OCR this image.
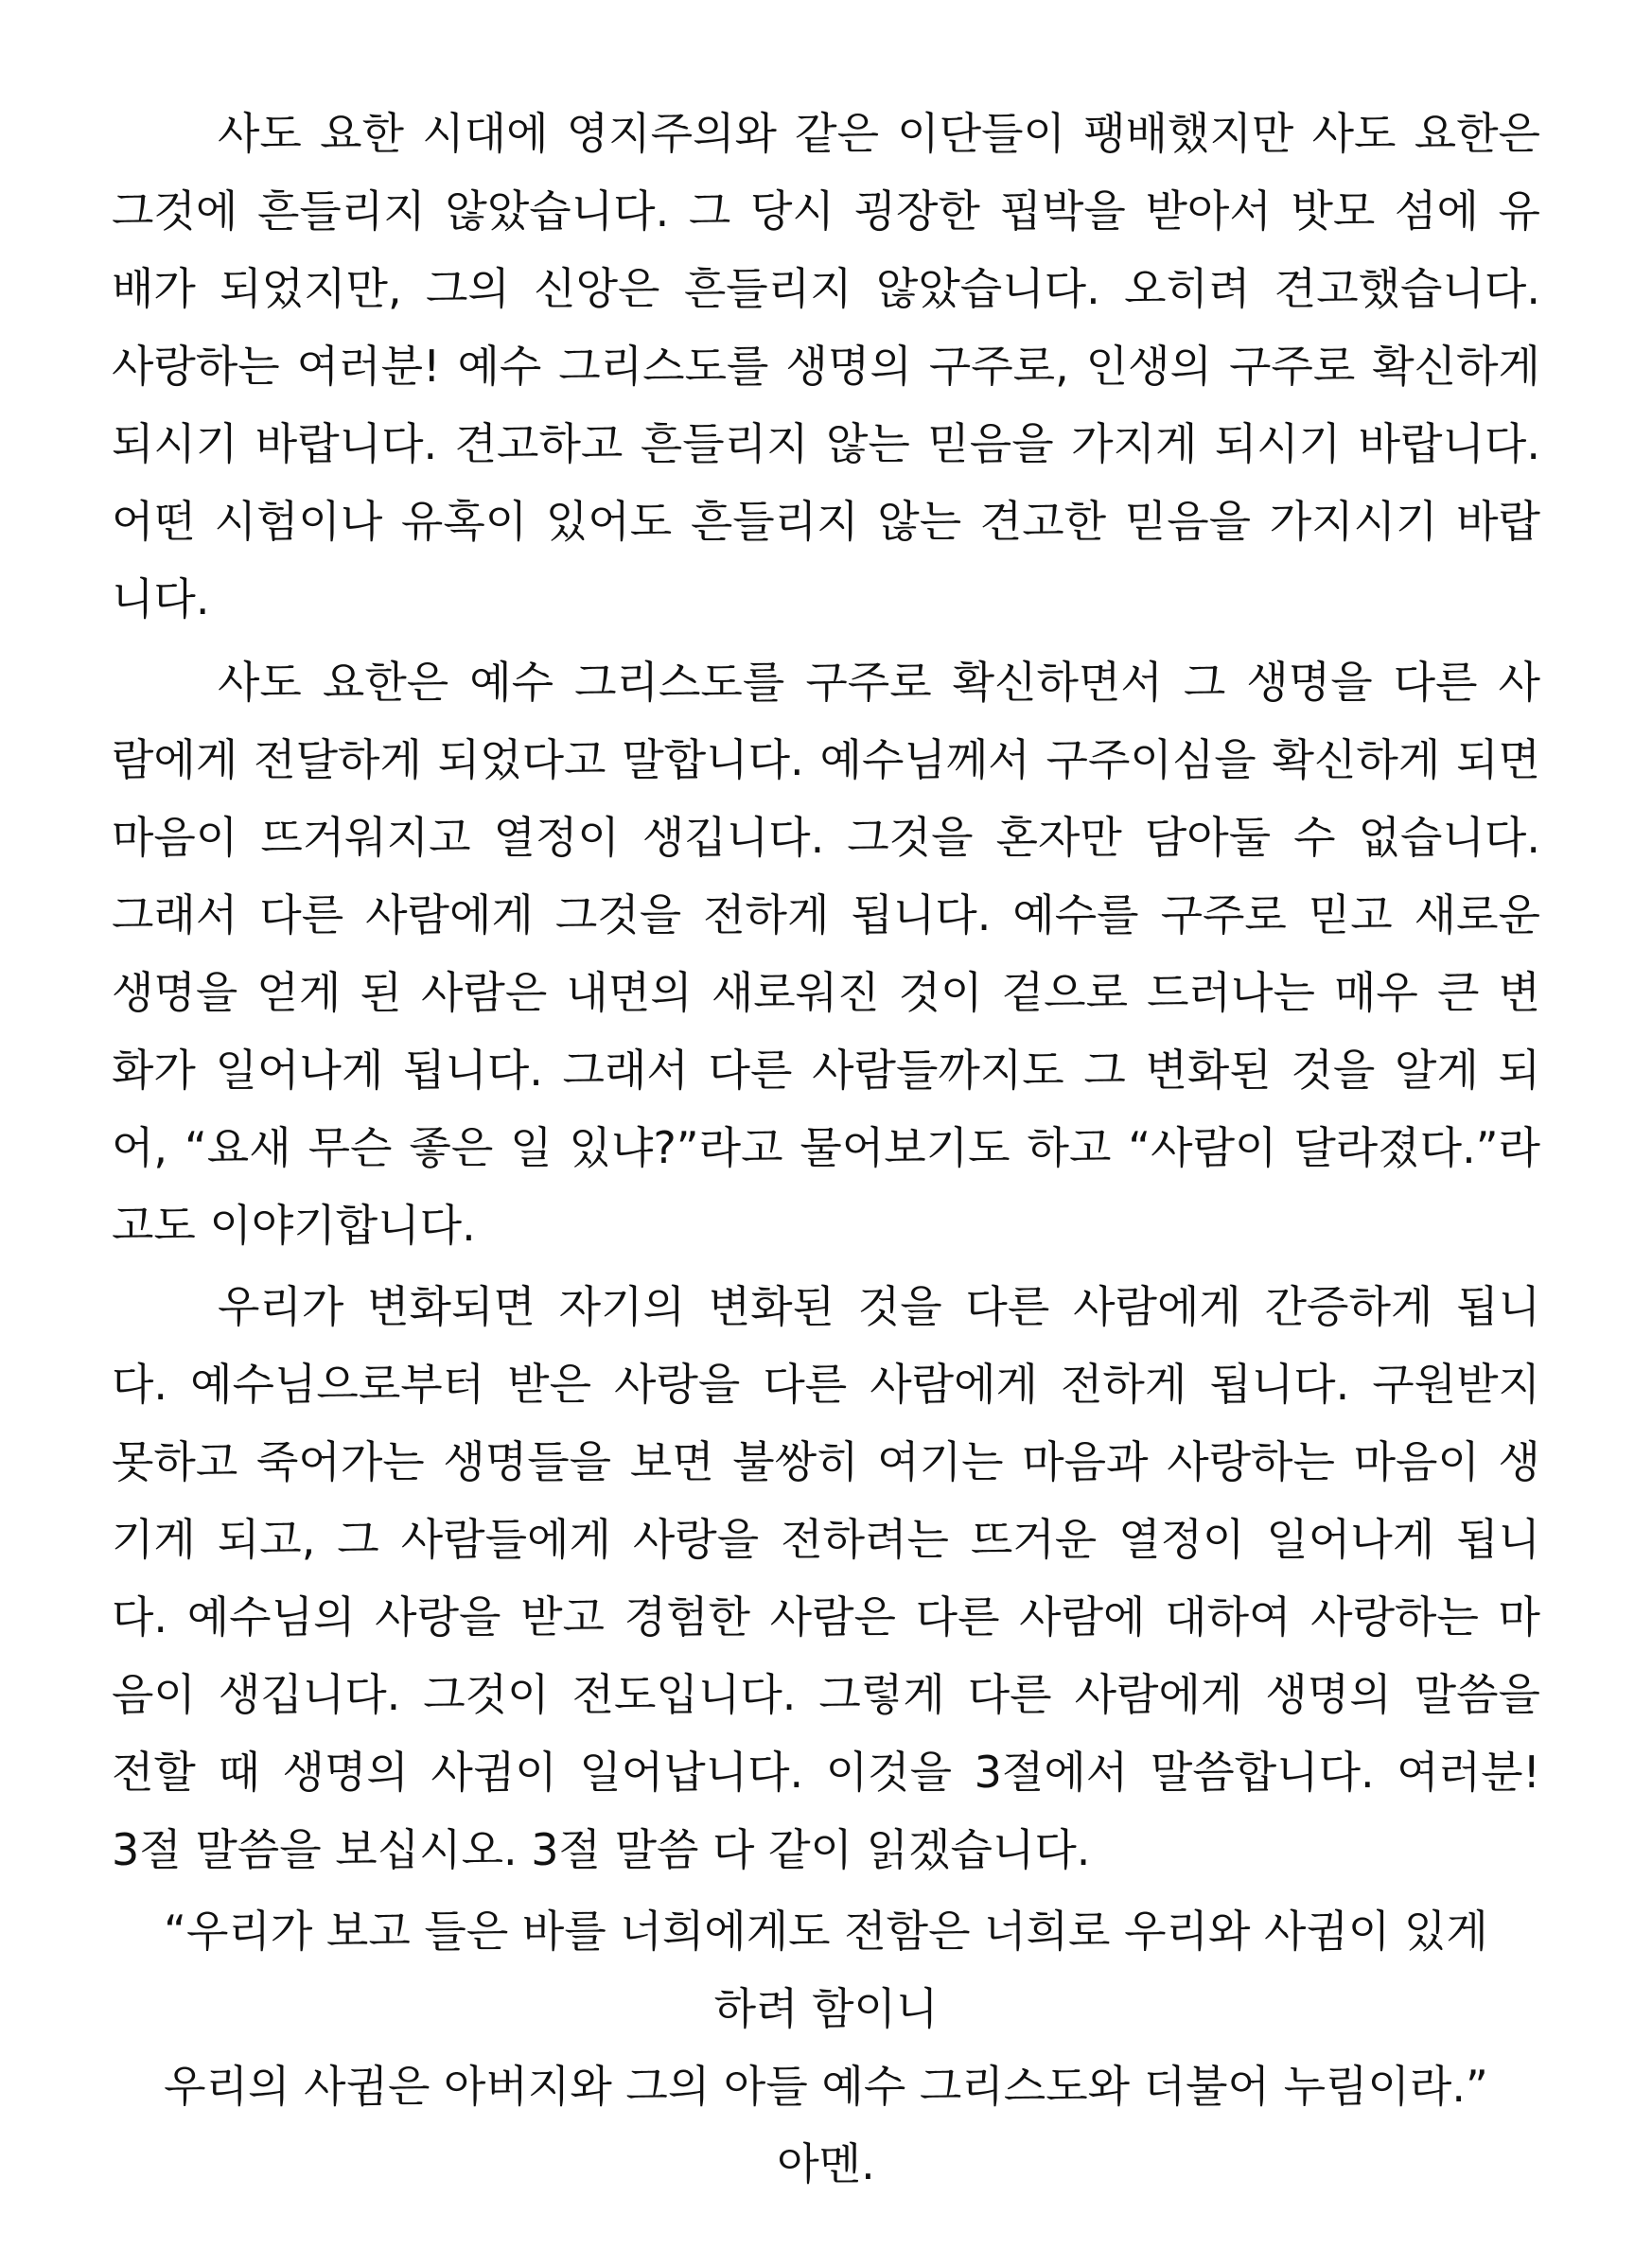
사도 요한 시대에 영지주의와 같은 이단들이 팽배했지만 사도 요한은
그것에 흔들리지 않았습니다. 그 당시 굉장한 핍박을 받아서 밧모 섬에 유
배가 되었지만, 그의 신앙은 흔들리지 않았습니다. 오히려 견고했습니다.
사랑하는 여러분! 예수 그리스도를 생명의 구주로, 인생의 구주로 확신하게
되시기 바랍니다. 견고하고 흔들리지 않는 믿음을 가지게 되시기 바랍니다.
어떤 시험이나 유혹이 있어도 흔들리지 않는 견고한 믿음을 가지시기 바랍
니다.
사도 요한은 예수 그리스도를 구주로 확신하면서 그 생명을 다른 사
람에게 전달하게 되었다고 말합니다. 예수님께서 구주이심을 확신하게 되면
마음이 뜨거워지고 열정이 생깁니다. 그것을 혼자만 담아둘 수 없습니다.
그래서 다른 사람에게 그것을 전하게 됩니다. 예수를 구주로 믿고 새로운
생명을 얻게 된 사람은 내면의 새로워진 것이 겉으로 드러나는 매우 큰 변
화가 일어나게 됩니다. 그래서 다른 사람들까지도 그 변화된 것을 알게 되
어, “요새 무슨 좋은 일 있냐?”라고 물어보기도 하고 “사람이 달라졌다.”라
고도 이야기합니다.
우리가 변화되면 자기의 변화된 것을 다른 사람에게 간증하게 됩니
다. 예수님으로부터 받은 사랑을 다른 사람에게 전하게 됩니다. 구원받지
못하고 죽어가는 생명들을 보면 불쌍히 여기는 마음과 사랑하는 마음이 생
기게 되고, 그 사람들에게 사랑을 전하려는 뜨거운 열정이 일어나게 됩니
다. 예수님의 사랑을 받고 경험한 사람은 다른 사람에 대하여 사랑하는 마
음이 생깁니다. 그것이 전도입니다. 그렇게 다른 사람에게 생명의 말씀을
전할 때 생명의 사귐이 일어납니다. 이것을 3절에서 말씀합니다. 여러분!
3절 말씀을 보십시오. 3절 말씀 다 같이 읽겠습니다.
“우리가 보고 들은 바를 너희에게도 전함은 너희로 우리와 사귐이 있게
하려 함이니
우리의 사귐은 아버지와 그의 아들 예수 그리스도와 더불어 누림이라.”
아멘.
